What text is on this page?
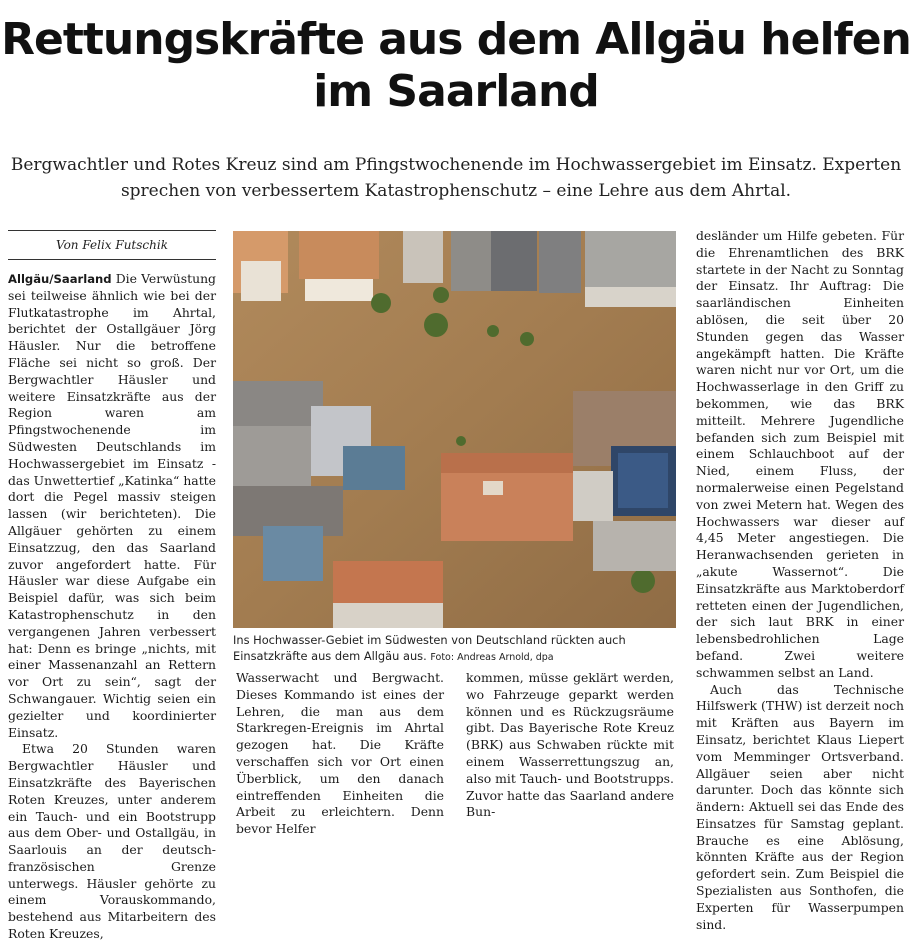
Rettungskräfte aus dem Allgäu helfen im Saarland

Bergwachtler und Rotes Kreuz sind am Pfingstwochenende im Hochwassergebiet im Einsatz. Experten sprechen von verbessertem Katastrophenschutz – eine Lehre aus dem Ahrtal.

Von Felix Futschik

Allgäu/Saarland Die Verwüstung sei teilweise ähnlich wie bei der Flutkatastrophe im Ahrtal, berichtet der Ostallgäuer Jörg Häusler. Nur die betroffene Fläche sei nicht so groß. Der Bergwachtler Häusler und weitere Einsatzkräfte aus der Region waren am Pfingstwochenende im Südwesten Deutschlands im Hochwassergebiet im Einsatz - das Unwettertief „Katinka“ hatte dort die Pegel massiv steigen lassen (wir berichteten). Die Allgäuer gehörten zu einem Einsatzzug, den das Saarland zuvor angefordert hatte. Für Häusler war diese Aufgabe ein Beispiel dafür, was sich beim Katastrophenschutz in den vergangenen Jahren verbessert hat: Denn es bringe „nichts, mit einer Massenanzahl an Rettern vor Ort zu sein“, sagt der Schwangauer. Wichtig seien ein gezielter und koordinierter Einsatz.

Etwa 20 Stunden waren Bergwachtler Häusler und Einsatzkräfte des Bayerischen Roten Kreuzes, unter anderem ein Tauch- und ein Bootstrupp aus dem Ober- und Ostallgäu, in Saarlouis an der deutsch-französischen Grenze unterwegs. Häusler gehörte zu einem Vorauskommando, bestehend aus Mitarbeitern des Roten Kreuzes,

Ins Hochwasser-Gebiet im Südwesten von Deutschland rückten auch Einsatzkräfte aus dem Allgäu aus. Foto: Andreas Arnold, dpa

Wasserwacht und Bergwacht. Dieses Kommando ist eines der Lehren, die man aus dem Starkregen-Ereignis im Ahrtal gezogen hat. Die Kräfte verschaffen sich vor Ort einen Überblick, um den danach eintreffenden Einheiten die Arbeit zu erleichtern. Denn bevor Helfer

kommen, müsse geklärt werden, wo Fahrzeuge geparkt werden können und es Rückzugsräume gibt. Das Bayerische Rote Kreuz (BRK) aus Schwaben rückte mit einem Wasserrettungszug an, also mit Tauch- und Bootstrupps. Zuvor hatte das Saarland andere Bun-

desländer um Hilfe gebeten. Für die Ehrenamtlichen des BRK startete in der Nacht zu Sonntag der Einsatz. Ihr Auftrag: Die saarländischen Einheiten ablösen, die seit über 20 Stunden gegen das Wasser angekämpft hatten. Die Kräfte waren nicht nur vor Ort, um die Hochwasserlage in den Griff zu bekommen, wie das BRK mitteilt. Mehrere Jugendliche befanden sich zum Beispiel mit einem Schlauchboot auf der Nied, einem Fluss, der normalerweise einen Pegelstand von zwei Metern hat. Wegen des Hochwassers war dieser auf 4,45 Meter angestiegen. Die Heranwachsenden gerieten in „akute Wassernot“. Die Einsatzkräfte aus Marktoberdorf retteten einen der Jugendlichen, der sich laut BRK in einer lebensbedrohlichen Lage befand. Zwei weitere schwammen selbst an Land.

Auch das Technische Hilfswerk (THW) ist derzeit noch mit Kräften aus Bayern im Einsatz, berichtet Klaus Liepert vom Memminger Ortsverband. Allgäuer seien aber nicht darunter. Doch das könnte sich ändern: Aktuell sei das Ende des Einsatzes für Samstag geplant. Brauche es eine Ablösung, könnten Kräfte aus der Region gefordert sein. Zum Beispiel die Spezialisten aus Sonthofen, die Experten für Wasserpumpen sind.
